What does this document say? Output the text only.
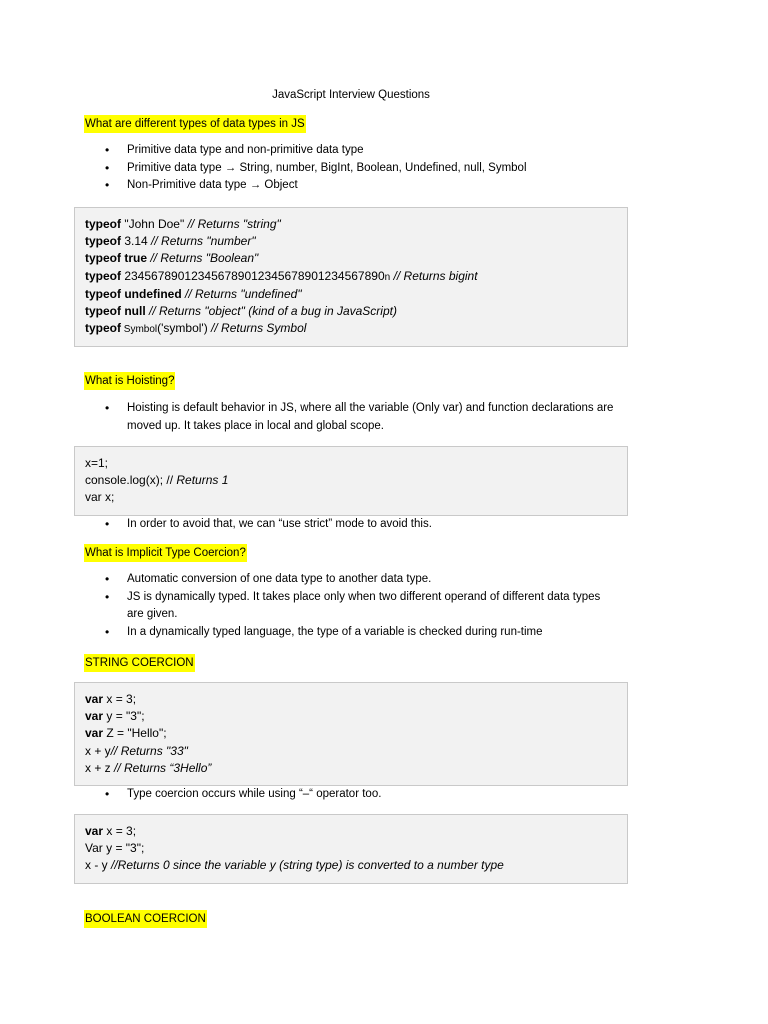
JavaScript Interview Questions
What are different types of data types in JS
• Primitive data type and non-primitive data type
• Primitive data type → String, number, BigInt, Boolean, Undefined, null, Symbol
• Non-Primitive data type → Object
typeof "John Doe" // Returns "string"
typeof 3.14 // Returns "number"
typeof true // Returns "Boolean"
typeof 234567890123456789012345678901234567890n // Returns bigint
typeof undefined // Returns "undefined"
typeof null // Returns "object" (kind of a bug in JavaScript)
typeof Symbol('symbol') // Returns Symbol
What is Hoisting?
• Hoisting is default behavior in JS, where all the variable (Only var) and function declarations are moved up. It takes place in local and global scope.
x=1;
console.log(x); // Returns 1
var x;
• In order to avoid that, we can “use strict” mode to avoid this.
What is Implicit Type Coercion?
• Automatic conversion of one data type to another data type.
• JS is dynamically typed. It takes place only when two different operand of different data types are given.
• In a dynamically typed language, the type of a variable is checked during run-time
STRING COERCION
var x = 3;
var y = "3";
var Z = "Hello";
x + y// Returns "33"
x + z // Returns “3Hello”
• Type coercion occurs while using “–“ operator too.
var x = 3;
Var y = "3";
x - y //Returns 0 since the variable y (string type) is converted to a number type
BOOLEAN COERCION
